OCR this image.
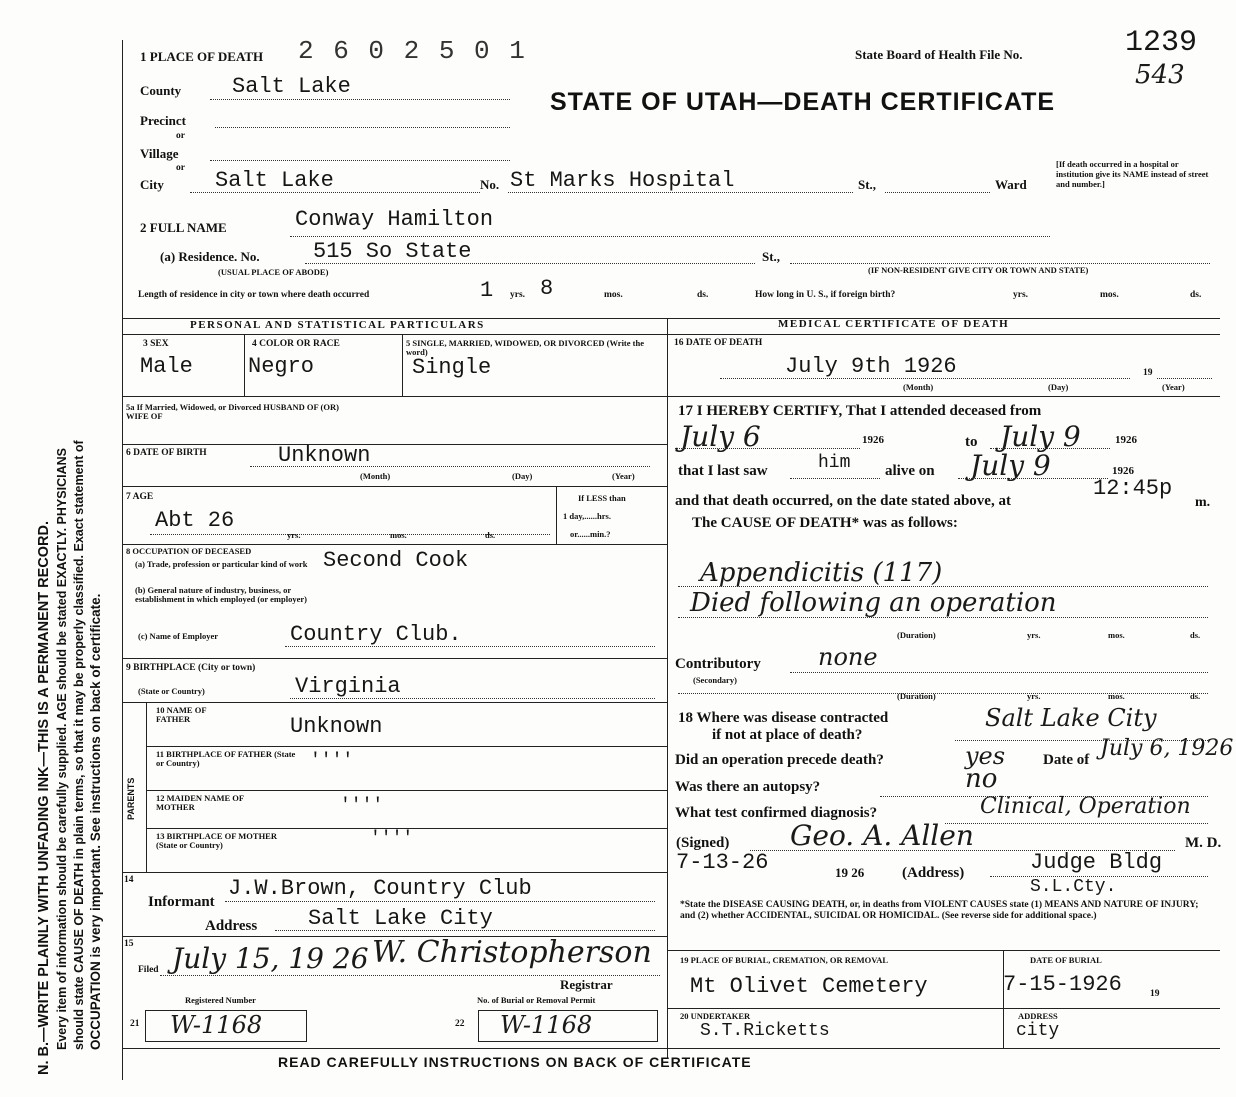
N. B.—WRITE PLAINLY WITH UNFADING INK—THIS IS A PERMANENT RECORD. Every item of information should be carefully supplied. AGE should be stated EXACTLY. PHYSICIANS should state CAUSE OF DEATH in plain terms, so that it may be properly classified. Exact statement of OCCUPATION is very important. See instructions on back of certificate.
1 PLACE OF DEATH 2 6 0 2 5 0 1	State Board of Health File No.	1239
543
STATE OF UTAH—DEATH CERTIFICATE
County Salt Lake
Precinct
or
Village
or
City Salt Lake	No. St Marks Hospital	St.,	Ward
[If death occurred in a hospital or institution give its NAME instead of street and number.]
2 FULL NAME	Conway Hamilton
(a) Residence. No. 515 So State	St.,
(USUAL PLACE OF ABODE)	(IF NON-RESIDENT GIVE CITY OR TOWN AND STATE)
Length of residence in city or town where death occurred	1 yrs. 8	mos.	ds.	How long in U. S., if foreign birth?	yrs.	mos.	ds.
PERSONAL AND STATISTICAL PARTICULARS	MEDICAL CERTIFICATE OF DEATH
3 SEX
Male
4 COLOR OR RACE
Negro
5 SINGLE, MARRIED, WIDOWED, OR DIVORCED (Write the word)
Single
5a If Married, Widowed, or Divorced HUSBAND OF (OR) WIFE OF
6 DATE OF BIRTH	Unknown
(Month)	(Day)	(Year)
7 AGE
Abt 26
yrs.	mos.	ds.
If LESS than
1 day,......hrs.
or......min.?
8 OCCUPATION OF DECEASED
(a) Trade, profession or particular kind of work Second Cook
(b) General nature of industry, business, or establishment in which employed (or employer)
(c) Name of Employer	Country Club.
9 BIRTHPLACE (City or town)
(State or Country)	Virginia
PARENTS
10 NAME OF FATHER	Unknown
11 BIRTHPLACE OF FATHER (State or Country)	''''
12 MAIDEN NAME OF MOTHER	''''
13 BIRTHPLACE OF MOTHER (State or Country)	''''
14
Informant
J.W.Brown, Country Club
Address Salt Lake City
15
Filed July 15, 19 26 W. Christopherson
Registrar
Registered Number	No. of Burial or Removal Permit
21 W-1168	22 W-1168
16 DATE OF DEATH
July 9th 1926	19
(Month)	(Day)	(Year)
17 I HEREBY CERTIFY, That I attended deceased from
July 6	1926	to July 9	1926
that I last saw	him alive on July 9	1926
and that death occurred, on the date stated above, at	12:45p
m.
The CAUSE OF DEATH* was as follows:
Appendicitis (117)
Died following an operation
(Duration)	yrs.	mos.	ds.
Contributory
(Secondary)
none
(Duration)	yrs.	mos.	ds.
18 Where was disease contracted
if not at place of death?
Salt Lake City
Did an operation precede death?	yes	Date of July 6, 1926
Was there an autopsy?	no
What test confirmed diagnosis?	Clinical, Operation
(Signed) Geo. A. Allen	M. D.
7-13-26	19 26	(Address)	Judge Bldg
S.L.Cty.
*State the DISEASE CAUSING DEATH, or, in deaths from VIOLENT CAUSES state (1) MEANS AND NATURE OF INJURY; and (2) whether ACCIDENTAL, SUICIDAL OR HOMICIDAL. (See reverse side for additional space.)
19 PLACE OF BURIAL, CREMATION, OR REMOVAL
Mt Olivet Cemetery
DATE OF BURIAL
7-15-1926	19
20 UNDERTAKER
S.T.Ricketts
ADDRESS
city
READ CAREFULLY INSTRUCTIONS ON BACK OF CERTIFICATE
